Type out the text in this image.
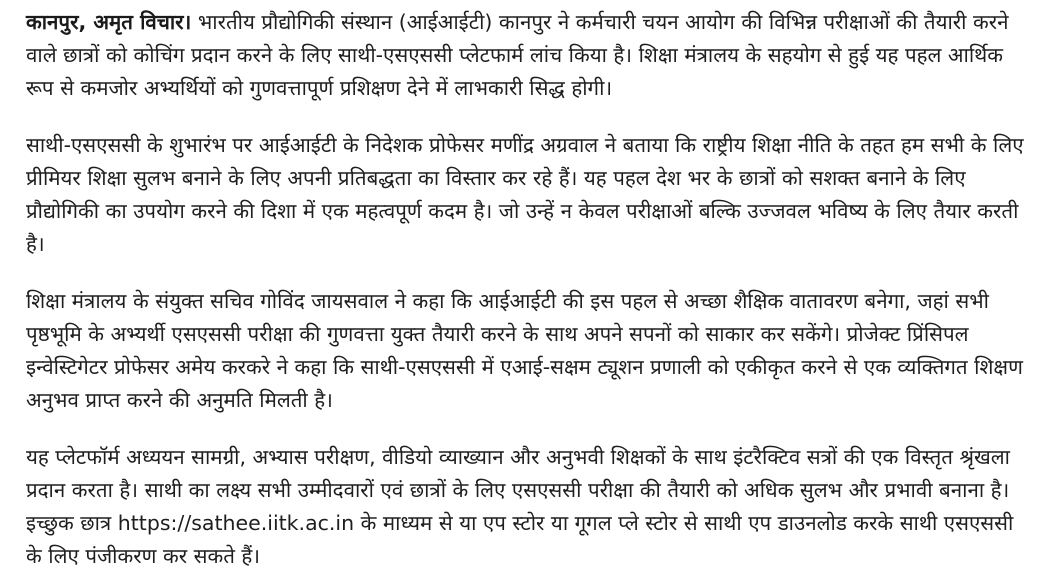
कानपुर, अमृत विचार। भारतीय प्रौद्योगिकी संस्थान (आईआईटी) कानपुर ने कर्मचारी चयन आयोग की विभिन्न परीक्षाओं की तैयारी करने वाले छात्रों को कोचिंग प्रदान करने के लिए साथी-एसएससी प्लेटफार्म लांच किया है। शिक्षा मंत्रालय के सहयोग से हुई यह पहल आर्थिक रूप से कमजोर अभ्यर्थियों को गुणवत्तापूर्ण प्रशिक्षण देने में लाभकारी सिद्ध होगी।

साथी-एसएससी के शुभारंभ पर आईआईटी के निदेशक प्रोफेसर मणींद्र अग्रवाल ने बताया कि राष्ट्रीय शिक्षा नीति के तहत हम सभी के लिए प्रीमियर शिक्षा सुलभ बनाने के लिए अपनी प्रतिबद्धता का विस्तार कर रहे हैं। यह पहल देश भर के छात्रों को सशक्त बनाने के लिए प्रौद्योगिकी का उपयोग करने की दिशा में एक महत्वपूर्ण कदम है। जो उन्हें न केवल परीक्षाओं बल्कि उज्जवल भविष्य के लिए तैयार करती है।

शिक्षा मंत्रालय के संयुक्त सचिव गोविंद जायसवाल ने कहा कि आईआईटी की इस पहल से अच्छा शैक्षिक वातावरण बनेगा, जहां सभी पृष्ठभूमि के अभ्यर्थी एसएससी परीक्षा की गुणवत्ता युक्त तैयारी करने के साथ अपने सपनों को साकार कर सकेंगे। प्रोजेक्ट प्रिंसिपल इन्वेस्टिगेटर प्रोफेसर अमेय करकरे ने कहा कि साथी-एसएससी में एआई-सक्षम ट्यूशन प्रणाली को एकीकृत करने से एक व्यक्तिगत शिक्षण अनुभव प्राप्त करने की अनुमति मिलती है।

यह प्लेटफॉर्म अध्ययन सामग्री, अभ्यास परीक्षण, वीडियो व्याख्यान और अनुभवी शिक्षकों के साथ इंटरैक्टिव सत्रों की एक विस्तृत श्रृंखला प्रदान करता है। साथी का लक्ष्य सभी उम्मीदवारों एवं छात्रों के लिए एसएससी परीक्षा की तैयारी को अधिक सुलभ और प्रभावी बनाना है। इच्छुक छात्र https://sathee.iitk.ac.in के माध्यम से या एप स्टोर या गूगल प्ले स्टोर से साथी एप डाउनलोड करके साथी एसएससी के लिए पंजीकरण कर सकते हैं।
